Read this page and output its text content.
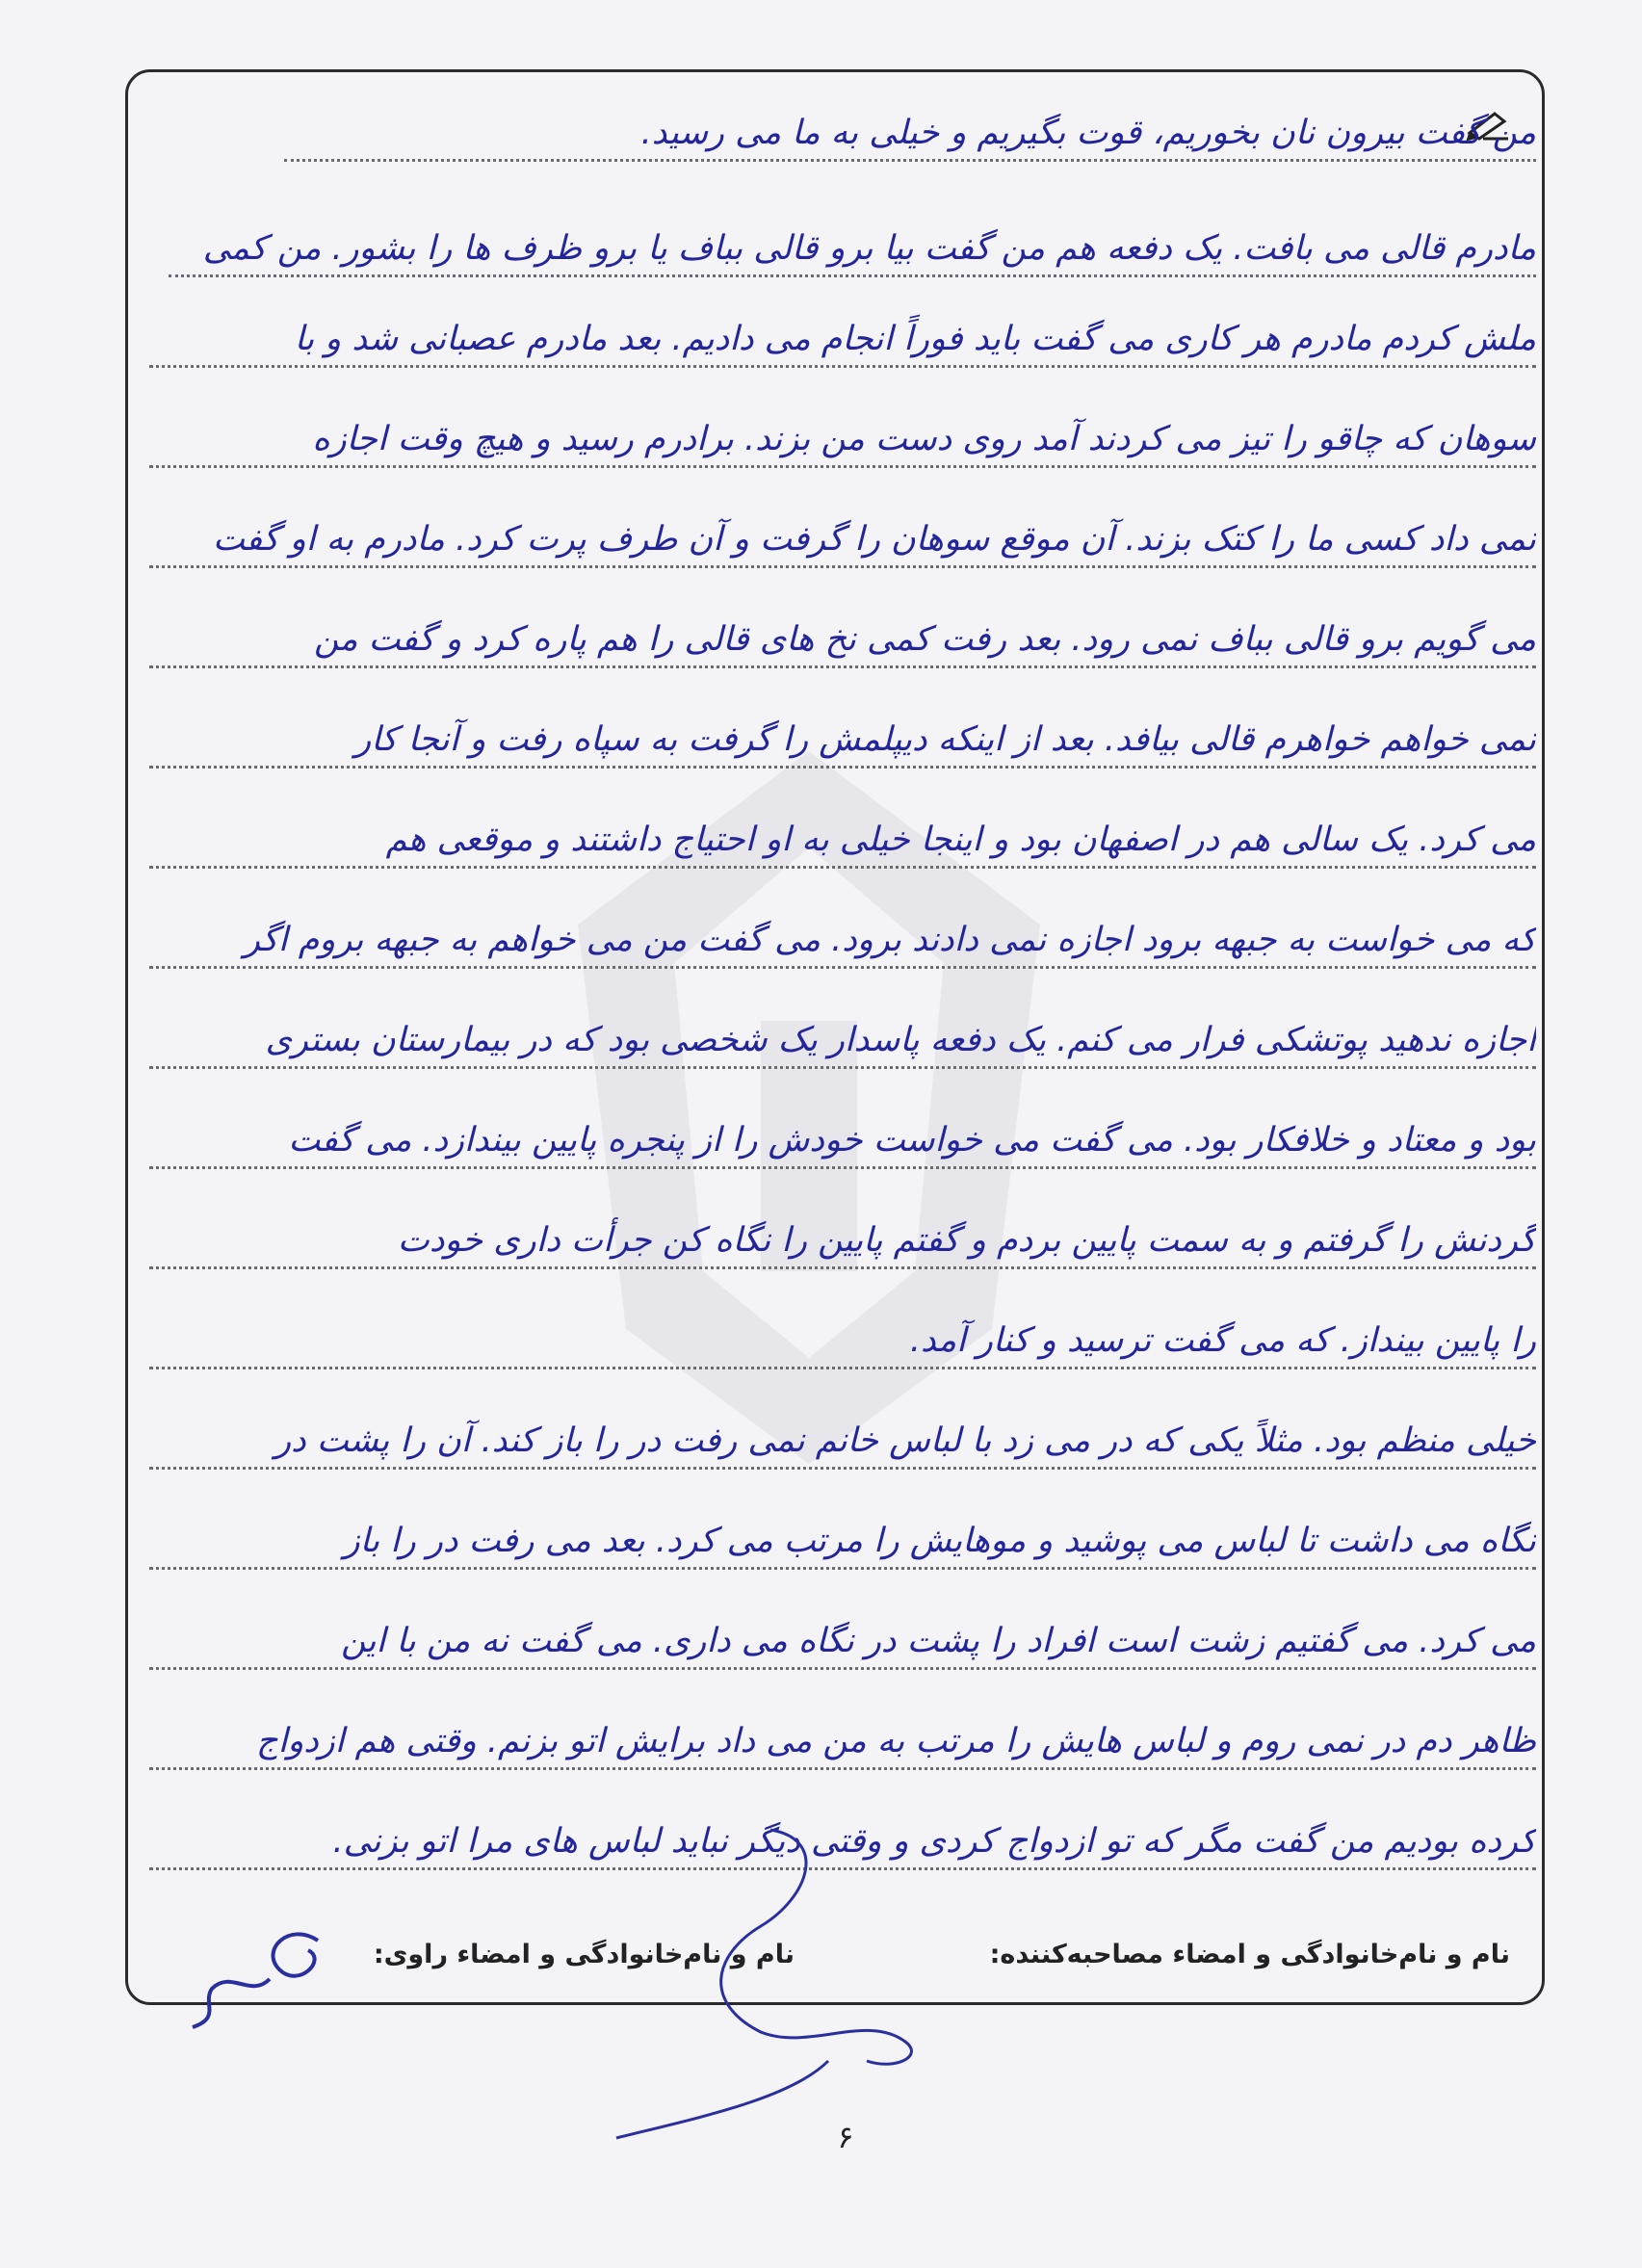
من گفت بیرون نان بخوریم، قوت بگیریم و خیلی به ما می رسید.
مادرم قالی می بافت. یک دفعه هم من گفت بیا برو قالی بباف یا برو ظرف ها را بشور. من کمی
ملش کردم مادرم هر کاری می گفت باید فوراً انجام می دادیم. بعد مادرم عصبانی شد و با
سوهان که چاقو را تیز می کردند آمد روی دست من بزند. برادرم رسید و هیچ وقت اجازه
نمی داد کسی ما را کتک بزند. آن موقع سوهان را گرفت و آن طرف پرت کرد. مادرم به او گفت
می گویم برو قالی بباف نمی رود. بعد رفت کمی نخ های قالی را هم پاره کرد و گفت من
نمی خواهم خواهرم قالی بیافد. بعد از اینکه دیپلمش را گرفت به سپاه رفت و آنجا کار
می کرد. یک سالی هم در اصفهان بود و اینجا خیلی به او احتیاج داشتند و موقعی هم
که می خواست به جبهه برود اجازه نمی دادند برود. می گفت من می خواهم به جبهه بروم اگر
اجازه ندهید پوتشکی فرار می کنم. یک دفعه پاسدار یک شخصی بود که در بیمارستان بستری
بود و معتاد و خلافکار بود. می گفت می خواست خودش را از پنجره پایین بیندازد. می گفت
گردنش را گرفتم و به سمت پایین بردم و گفتم پایین را نگاه کن جرأت داری خودت
را پایین بینداز. که می گفت ترسید و کنار آمد.
خیلی منظم بود. مثلاً یکی که در می زد با لباس خانم نمی رفت در را باز کند. آن را پشت در
نگاه می داشت تا لباس می پوشید و موهایش را مرتب می کرد. بعد می رفت در را باز
می کرد. می گفتیم زشت است افراد را پشت در نگاه می داری. می گفت نه من با این
ظاهر دم در نمی روم و لباس هایش را مرتب به من می داد برایش اتو بزنم. وقتی هم ازدواج
کرده بودیم من گفت مگر که تو ازدواج کردی و وقتی دیگر نباید لباس های مرا اتو بزنی.
نام و نام‌خانوادگی و امضاء مصاحبه‌کننده:
نام و نام‌خانوادگی و امضاء راوی:
۶
